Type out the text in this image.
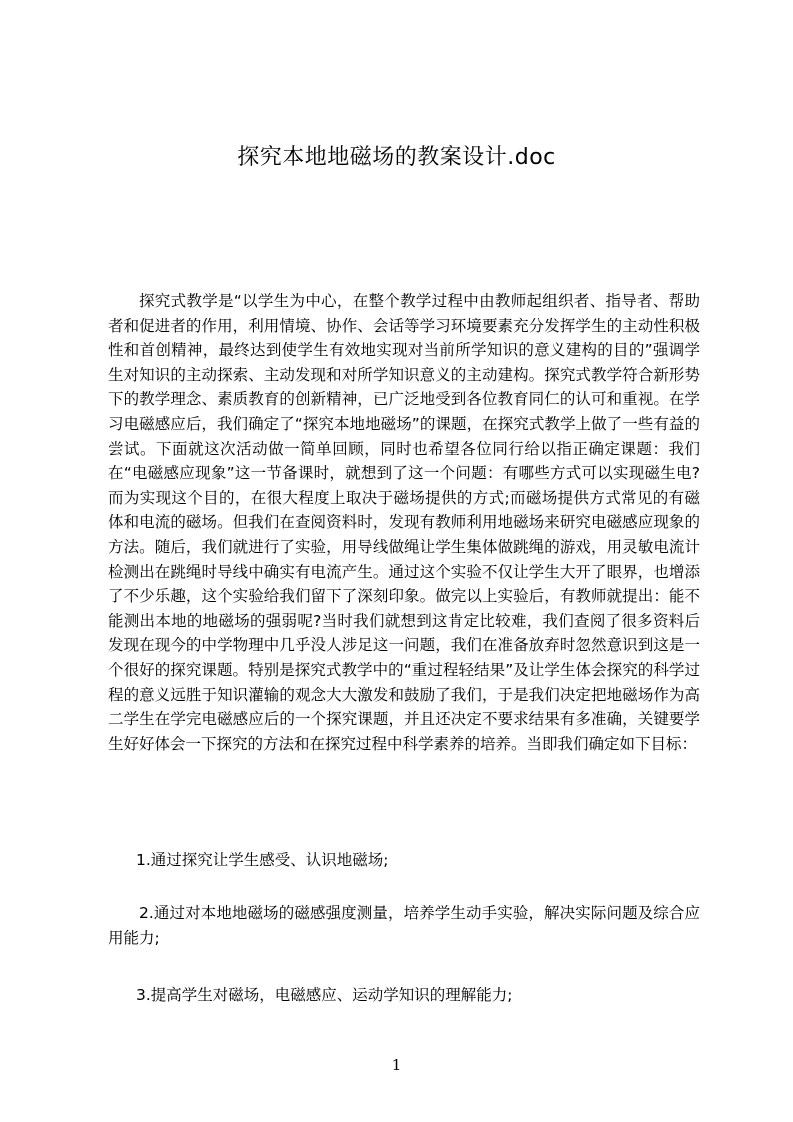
探究本地地磁场的教案设计.doc

探究式教学是“以学生为中心，在整个教学过程中由教师起组织者、指导者、帮助者和促进者的作用，利用情境、协作、会话等学习环境要素充分发挥学生的主动性积极性和首创精神，最终达到使学生有效地实现对当前所学知识的意义建构的目的”强调学生对知识的主动探索、主动发现和对所学知识意义的主动建构。探究式教学符合新形势下的教学理念、素质教育的创新精神，已广泛地受到各位教育同仁的认可和重视。在学习电磁感应后，我们确定了“探究本地地磁场”的课题，在探究式教学上做了一些有益的尝试。下面就这次活动做一简单回顾，同时也希望各位同行给以指正确定课题：我们在“电磁感应现象”这一节备课时，就想到了这一个问题：有哪些方式可以实现磁生电?而为实现这个目的，在很大程度上取决于磁场提供的方式;而磁场提供方式常见的有磁体和电流的磁场。但我们在查阅资料时，发现有教师利用地磁场来研究电磁感应现象的方法。随后，我们就进行了实验，用导线做绳让学生集体做跳绳的游戏，用灵敏电流计检测出在跳绳时导线中确实有电流产生。通过这个实验不仅让学生大开了眼界，也增添了不少乐趣，这个实验给我们留下了深刻印象。做完以上实验后，有教师就提出：能不能测出本地的地磁场的强弱呢?当时我们就想到这肯定比较难，我们查阅了很多资料后发现在现今的中学物理中几乎没人涉足这一问题，我们在准备放弃时忽然意识到这是一个很好的探究课题。特别是探究式教学中的“重过程轻结果”及让学生体会探究的科学过程的意义远胜于知识灌输的观念大大激发和鼓励了我们，于是我们决定把地磁场作为高二学生在学完电磁感应后的一个探究课题，并且还决定不要求结果有多准确，关键要学生好好体会一下探究的方法和在探究过程中科学素养的培养。当即我们确定如下目标：

1.通过探究让学生感受、认识地磁场;

2.通过对本地地磁场的磁感强度测量，培养学生动手实验，解决实际问题及综合应用能力;

3.提高学生对磁场，电磁感应、运动学知识的理解能力;

1
